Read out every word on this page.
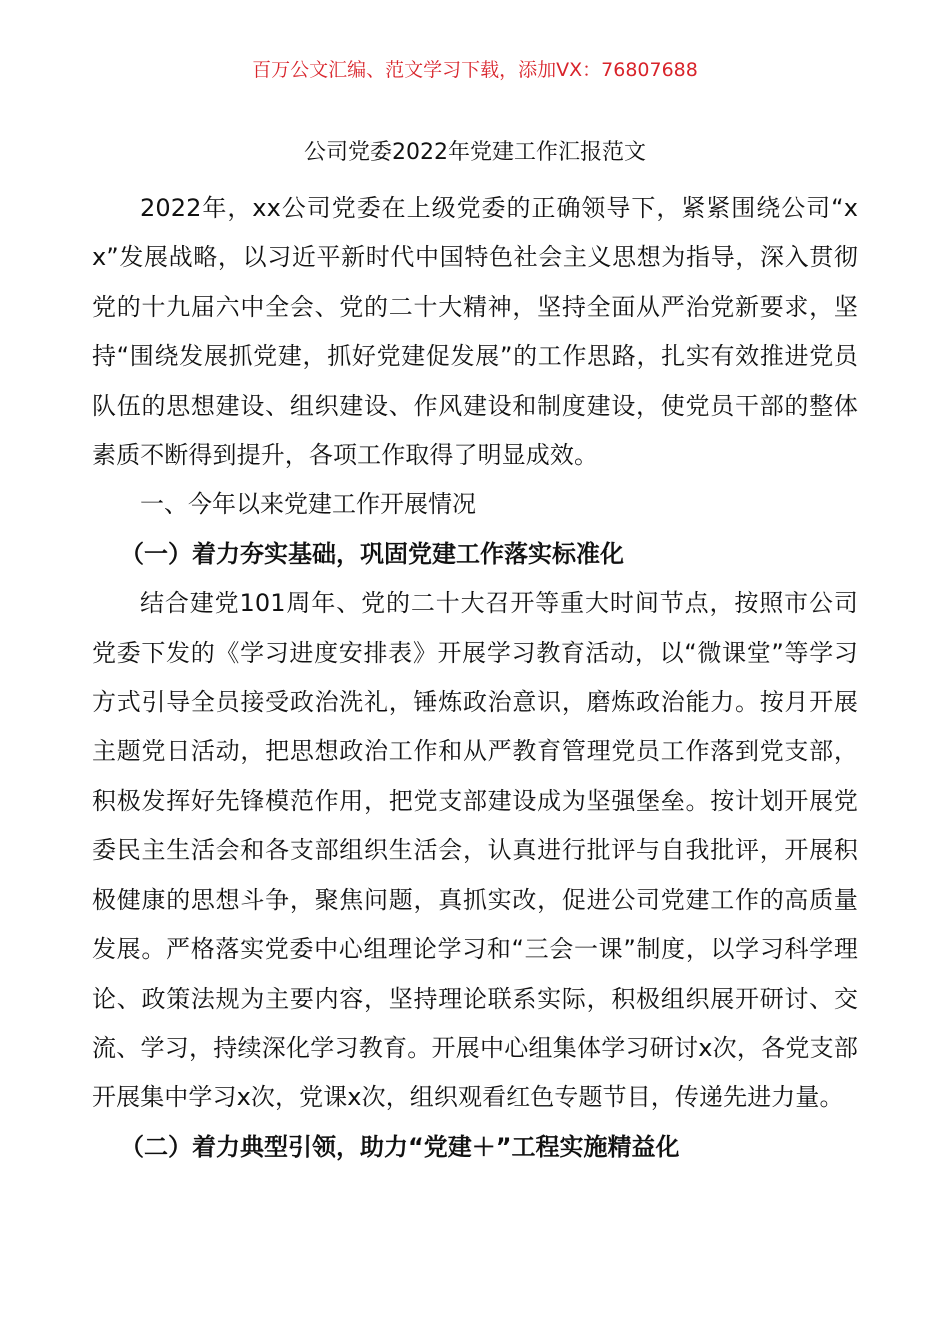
百万公文汇编、范文学习下载，添加VX：76807688
公司党委2022年党建工作汇报范文

2022年，xx公司党委在上级党委的正确领导下，紧紧围绕公司“xx”发展战略，以习近平新时代中国特色社会主义思想为指导，深入贯彻党的十九届六中全会、党的二十大精神，坚持全面从严治党新要求，坚持“围绕发展抓党建，抓好党建促发展”的工作思路，扎实有效推进党员队伍的思想建设、组织建设、作风建设和制度建设，使党员干部的整体素质不断得到提升，各项工作取得了明显成效。

一、今年以来党建工作开展情况

（一）着力夯实基础，巩固党建工作落实标准化

结合建党101周年、党的二十大召开等重大时间节点，按照市公司党委下发的《学习进度安排表》开展学习教育活动，以“微课堂”等学习方式引导全员接受政治洗礼，锤炼政治意识，磨炼政治能力。按月开展主题党日活动，把思想政治工作和从严教育管理党员工作落到党支部，积极发挥好先锋模范作用，把党支部建设成为坚强堡垒。按计划开展党委民主生活会和各支部组织生活会，认真进行批评与自我批评，开展积极健康的思想斗争，聚焦问题，真抓实改，促进公司党建工作的高质量发展。严格落实党委中心组理论学习和“三会一课”制度，以学习科学理论、政策法规为主要内容，坚持理论联系实际，积极组织展开研讨、交流、学习，持续深化学习教育。开展中心组集体学习研讨x次，各党支部开展集中学习x次，党课x次，组织观看红色专题节目，传递先进力量。

（二）着力典型引领，助力“党建＋”工程实施精益化
